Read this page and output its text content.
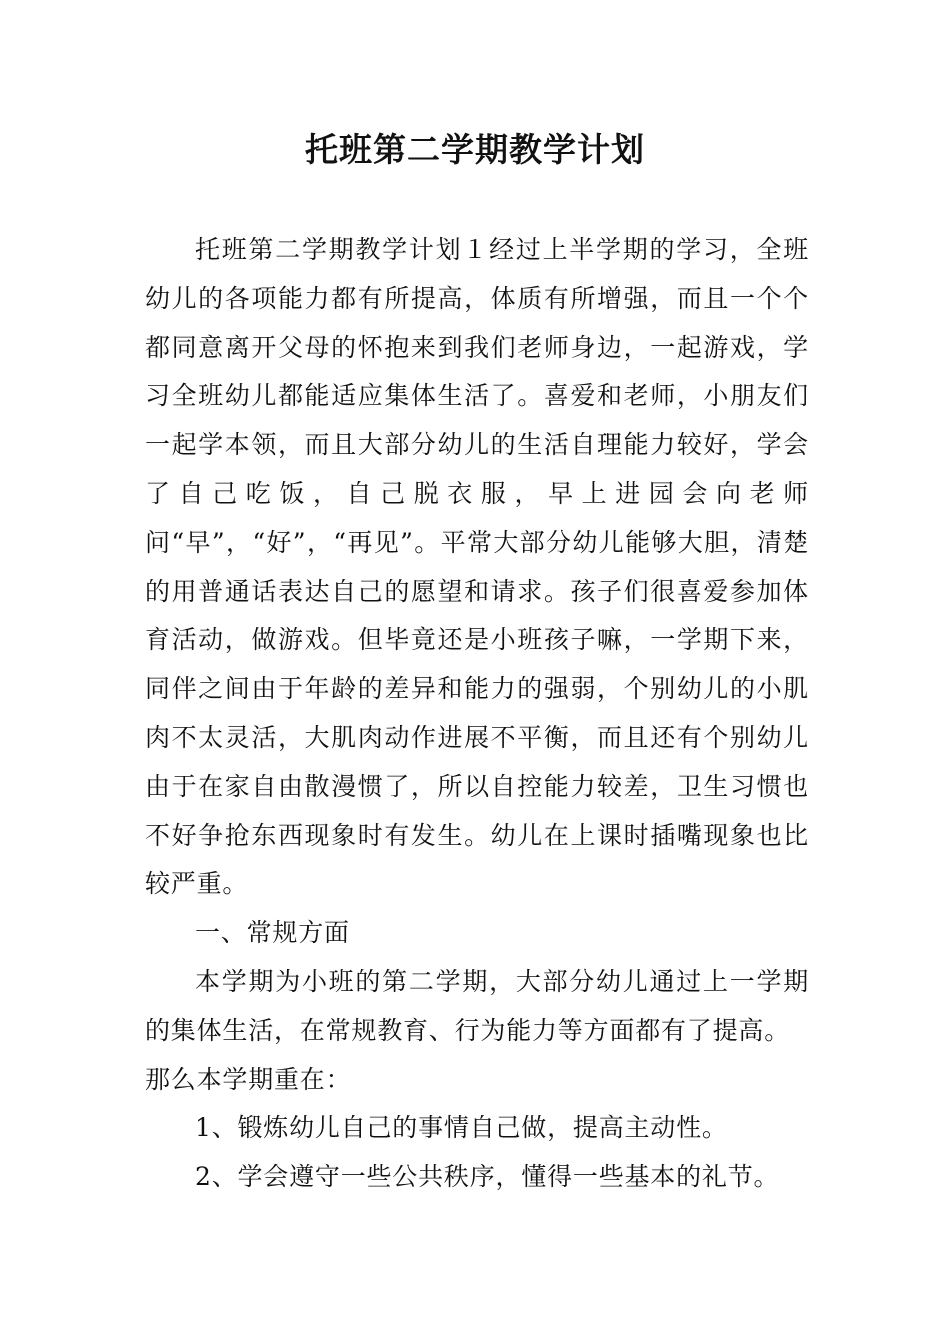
托班第二学期教学计划

托班第二学期教学计划１经过上半学期的学习，全班幼儿的各项能力都有所提高，体质有所增强，而且一个个都同意离开父母的怀抱来到我们老师身边，一起游戏，学习全班幼儿都能适应集体生活了。喜爱和老师，小朋友们一起学本领，而且大部分幼儿的生活自理能力较好，学会了自己吃饭，自己脱衣服，早上进园会向老师问“早”，“好”，“再见”。平常大部分幼儿能够大胆，清楚的用普通话表达自己的愿望和请求。孩子们很喜爱参加体育活动，做游戏。但毕竟还是小班孩子嘛，一学期下来，同伴之间由于年龄的差异和能力的强弱，个别幼儿的小肌肉不太灵活，大肌肉动作进展不平衡，而且还有个别幼儿由于在家自由散漫惯了，所以自控能力较差，卫生习惯也不好争抢东西现象时有发生。幼儿在上课时插嘴现象也比较严重。

一、常规方面

本学期为小班的第二学期，大部分幼儿通过上一学期的集体生活，在常规教育、行为能力等方面都有了提高。

那么本学期重在：

1、锻炼幼儿自己的事情自己做，提高主动性。

2、学会遵守一些公共秩序，懂得一些基本的礼节。
